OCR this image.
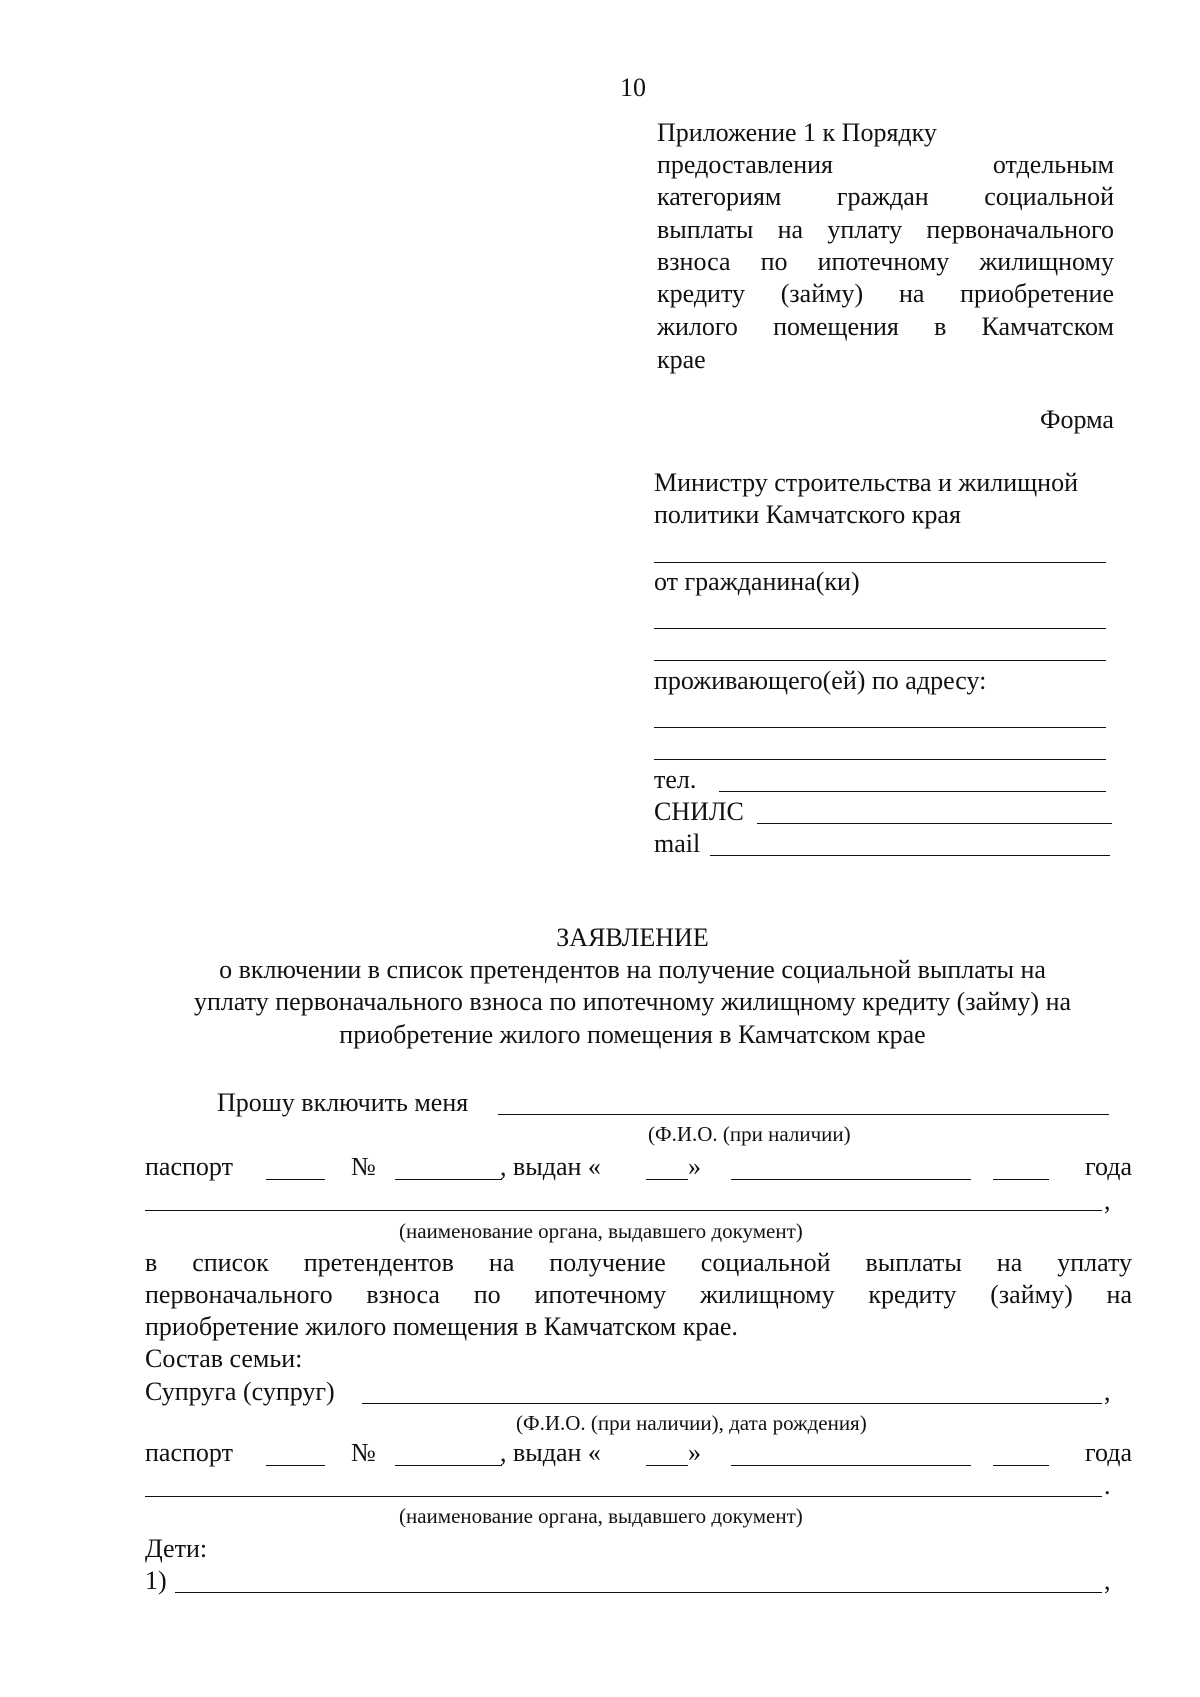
10
Приложение 1 к Порядку
предоставления отдельным
категориям граждан социальной
выплаты на уплату первоначального
взноса по ипотечному жилищному
кредиту (займу) на приобретение
жилого помещения в Камчатском
крае
Форма
Министру строительства и жилищной
политики Камчатского края
от гражданина(ки)
проживающего(ей) по адресу:
тел.
СНИЛС
mail
ЗАЯВЛЕНИЕ
о включении в список претендентов на получение социальной выплаты на
уплату первоначального взноса по ипотечному жилищному кредиту (займу) на
приобретение жилого помещения в Камчатском крае
Прошу включить меня
(Ф.И.О. (при наличии)
паспорт	№	, выдан «	»	года
,
(наименование органа, выдавшего документ)
в список претендентов на получение социальной выплаты на уплату
первоначального взноса по ипотечному жилищному кредиту (займу) на
приобретение жилого помещения в Камчатском крае.
Состав семьи:
Супруга (супруг)	,
(Ф.И.О. (при наличии), дата рождения)
паспорт	№	, выдан «	»	года
.
(наименование органа, выдавшего документ)
Дети:
1)	,
